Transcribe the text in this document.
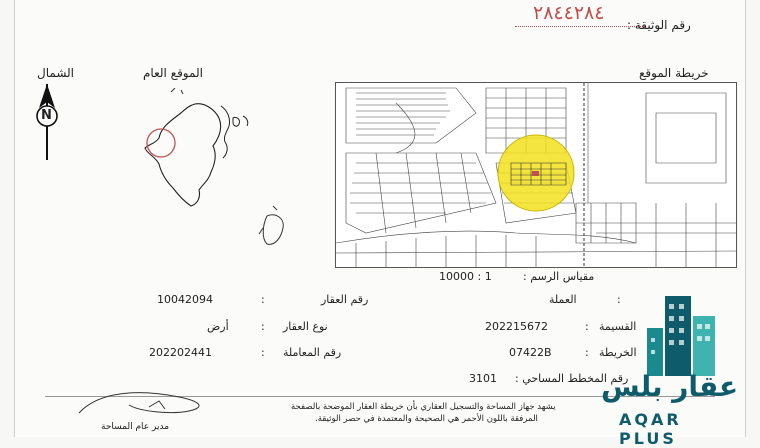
٢٨٤٤٢٨٤
رقم الوثيقة :
خريطة الموقع
الموقع العام
الشمال
N
مقياس الرسم :
10000 : 1
10042094	:	رقم العقار
أرض	: نوع العقار
202202441	: رقم المعاملة
العملة	:
202215672	: القسيمة
07422B	: الخريطة
3101 رقم المخطط المساحي :
يشهد جهاز المساحة والتسجيل العقاري بأن خريطة العقار الموضحة بالصفحة
المرفقة باللون الأحمر هي الصحيحة والمعتمدة في حصر الوثيقة.
مدير عام المساحة
عقار بلس
AQAR PLUS
